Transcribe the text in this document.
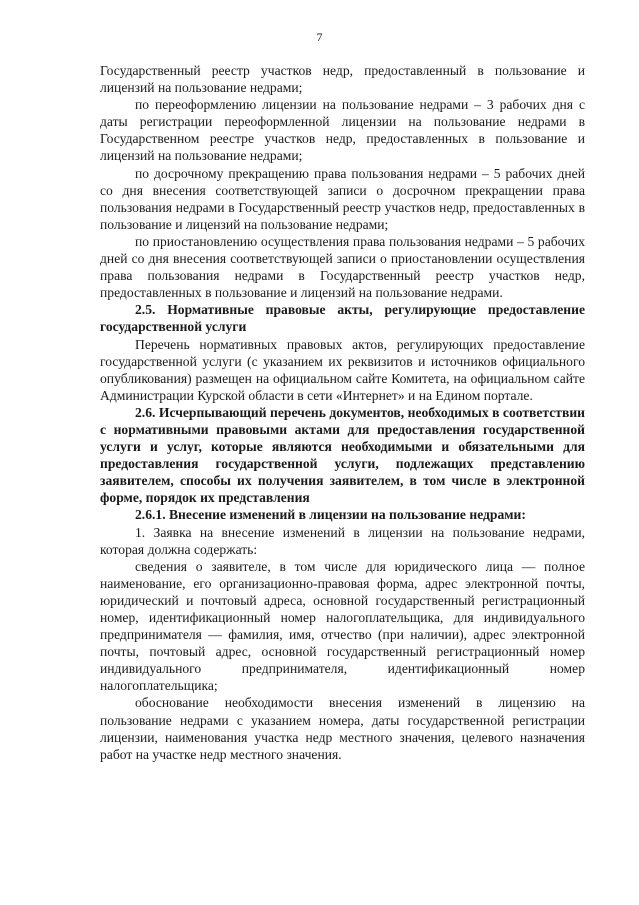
7

Государственный реестр участков недр, предоставленный в пользование и лицензий на пользование недрами;

по переоформлению лицензии на пользование недрами – 3 рабочих дня с даты регистрации переоформленной лицензии на пользование недрами в Государственном реестре участков недр, предоставленных в пользование и лицензий на пользование недрами;

по досрочному прекращению права пользования недрами – 5 рабочих дней со дня внесения соответствующей записи о досрочном прекращении права пользования недрами в Государственный реестр участков недр, предоставленных в пользование и лицензий на пользование недрами;

по приостановлению осуществления права пользования недрами – 5 рабочих дней со дня внесения соответствующей записи о приостановлении осуществления права пользования недрами в Государственный реестр участков недр, предоставленных в пользование и лицензий на пользование недрами.

2.5. Нормативные правовые акты, регулирующие предоставление государственной услуги

Перечень нормативных правовых актов, регулирующих предоставление государственной услуги (с указанием их реквизитов и источников официального опубликования) размещен на официальном сайте Комитета, на официальном сайте Администрации Курской области в сети «Интернет» и на Едином портале.

2.6. Исчерпывающий перечень документов, необходимых в соответствии с нормативными правовыми актами для предоставления государственной услуги и услуг, которые являются необходимыми и обязательными для предоставления государственной услуги, подлежащих представлению заявителем, способы их получения заявителем, в том числе в электронной форме, порядок их представления

2.6.1. Внесение изменений в лицензии на пользование недрами:

1. Заявка на внесение изменений в лицензии на пользование недрами, которая должна содержать:

сведения о заявителе, в том числе для юридического лица — полное наименование, его организационно-правовая форма, адрес электронной почты, юридический и почтовый адреса, основной государственный регистрационный номер, идентификационный номер налогоплательщика, для индивидуального предпринимателя — фамилия, имя, отчество (при наличии), адрес электронной почты, почтовый адрес, основной государственный регистрационный номер индивидуального предпринимателя, идентификационный номер налогоплательщика;

обоснование необходимости внесения изменений в лицензию на пользование недрами с указанием номера, даты государственной регистрации лицензии, наименования участка недр местного значения, целевого назначения работ на участке недр местного значения.
